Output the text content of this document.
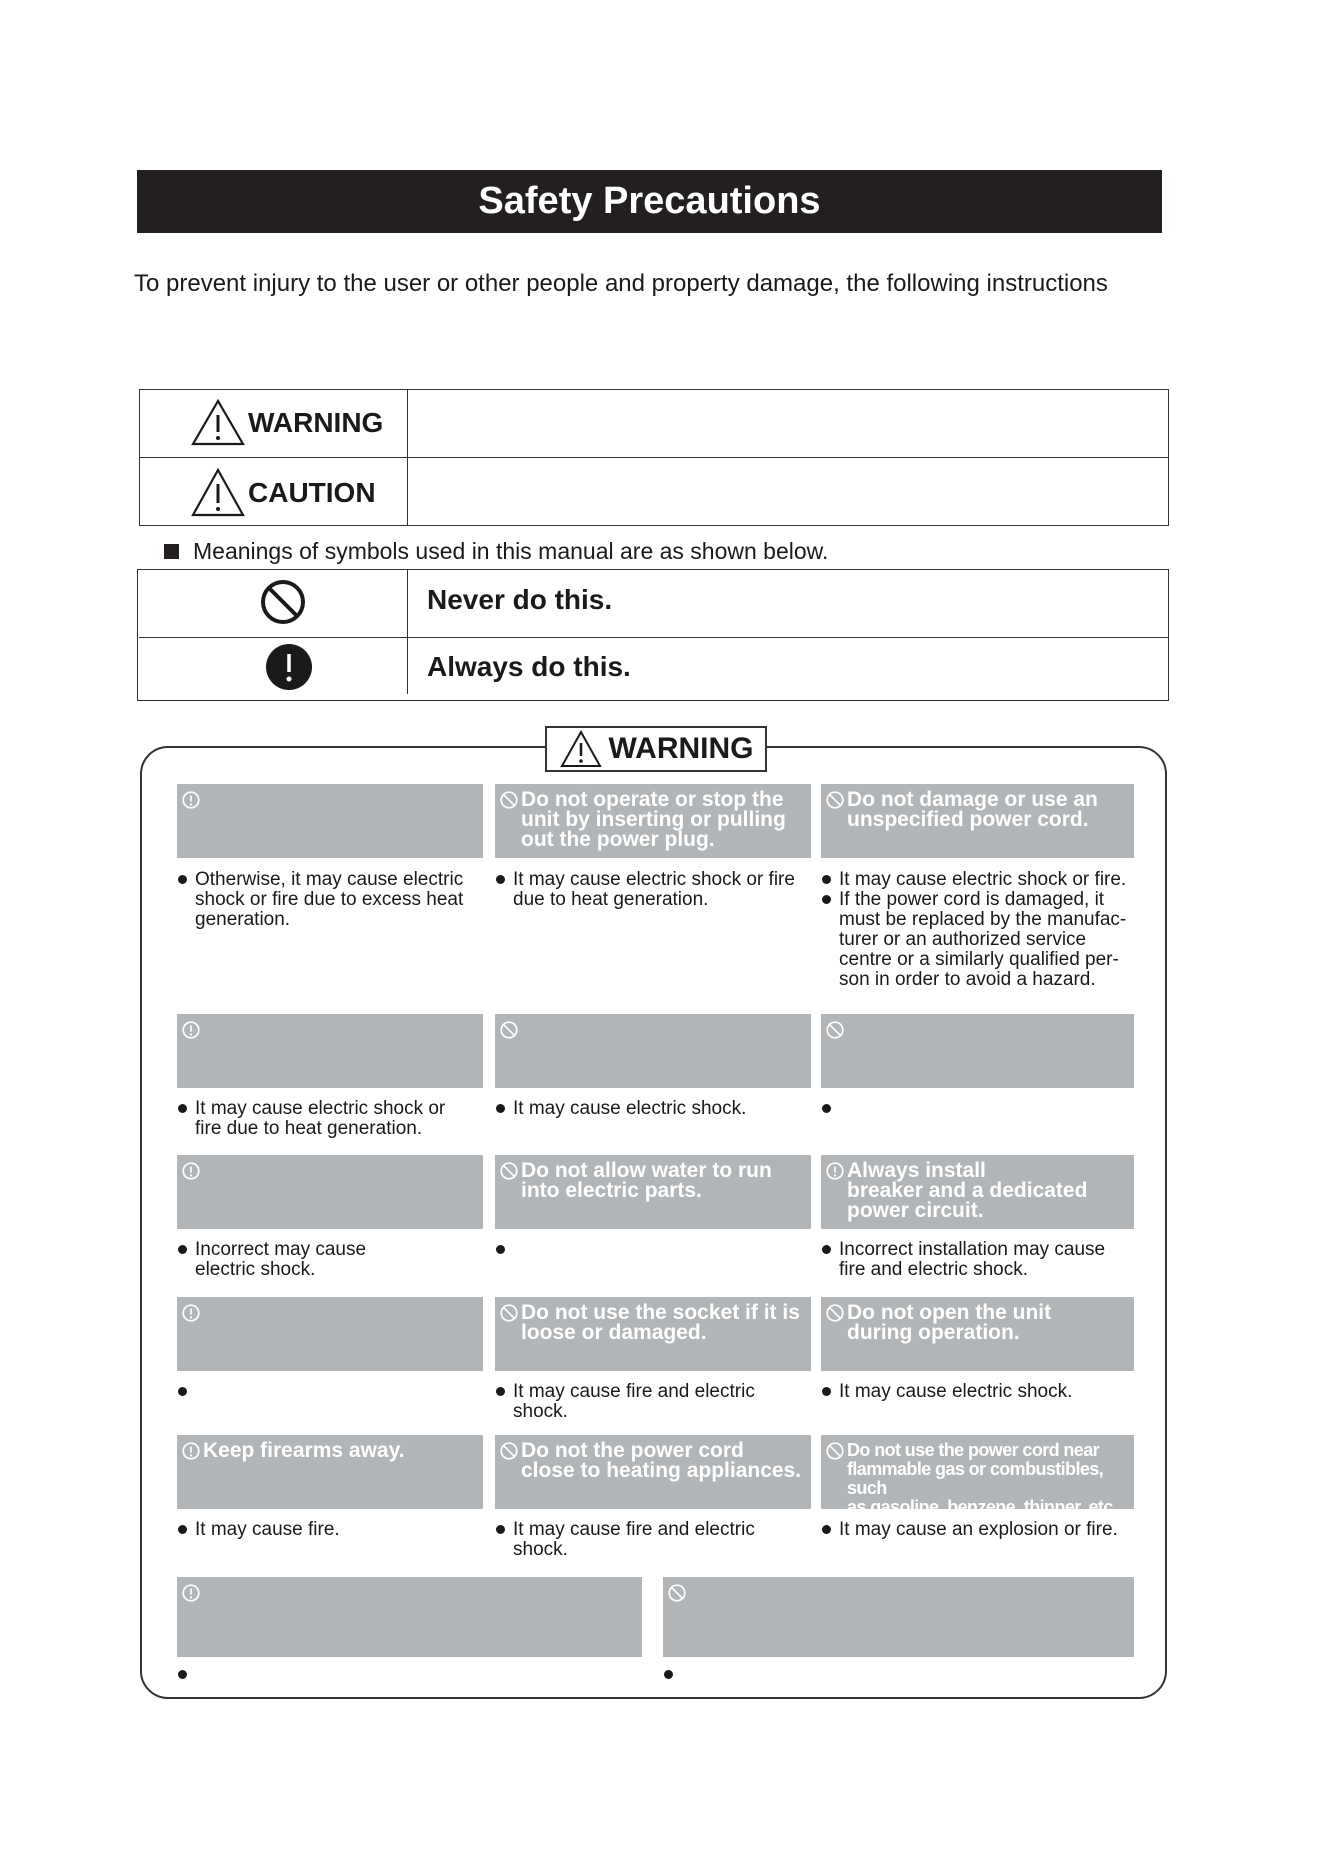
Safety Precautions
To prevent injury to the user or other people and property damage, the following instructions
WARNING
CAUTION
Meanings of symbols used in this manual are as shown below.
Never do this.
Always do this.
WARNING
Otherwise, it may cause electric
shock or fire due to excess heat
generation.
Do not operate or stop the
unit by inserting or pulling
out the power plug.
It may cause electric shock or fire
due to heat generation.
Do not damage or use an
unspecified power cord.
It may cause electric shock or fire.
If the power cord is damaged, it
must be replaced by the manufac-
turer or an authorized service
centre or a similarly qualified per-
son in order to avoid a hazard.
It may cause electric shock or
fire due to heat generation.
It may cause electric shock.
Incorrect may cause
electric shock.
Do not allow water to run
into electric parts.
Always install
breaker and a dedicated
power circuit.
Incorrect installation may cause
fire and electric shock.
Do not use the socket if it is
loose or damaged.
It may cause fire and electric
shock.
Do not open the unit
during operation.
It may cause electric shock.
Keep firearms away.
It may cause fire.
Do not the power cord
close to heating appliances.
It may cause fire and electric
shock.
Do not use the power cord near
flammable gas or combustibles, such
as gasoline, benzene, thinner, etc.
It may cause an explosion or fire.
